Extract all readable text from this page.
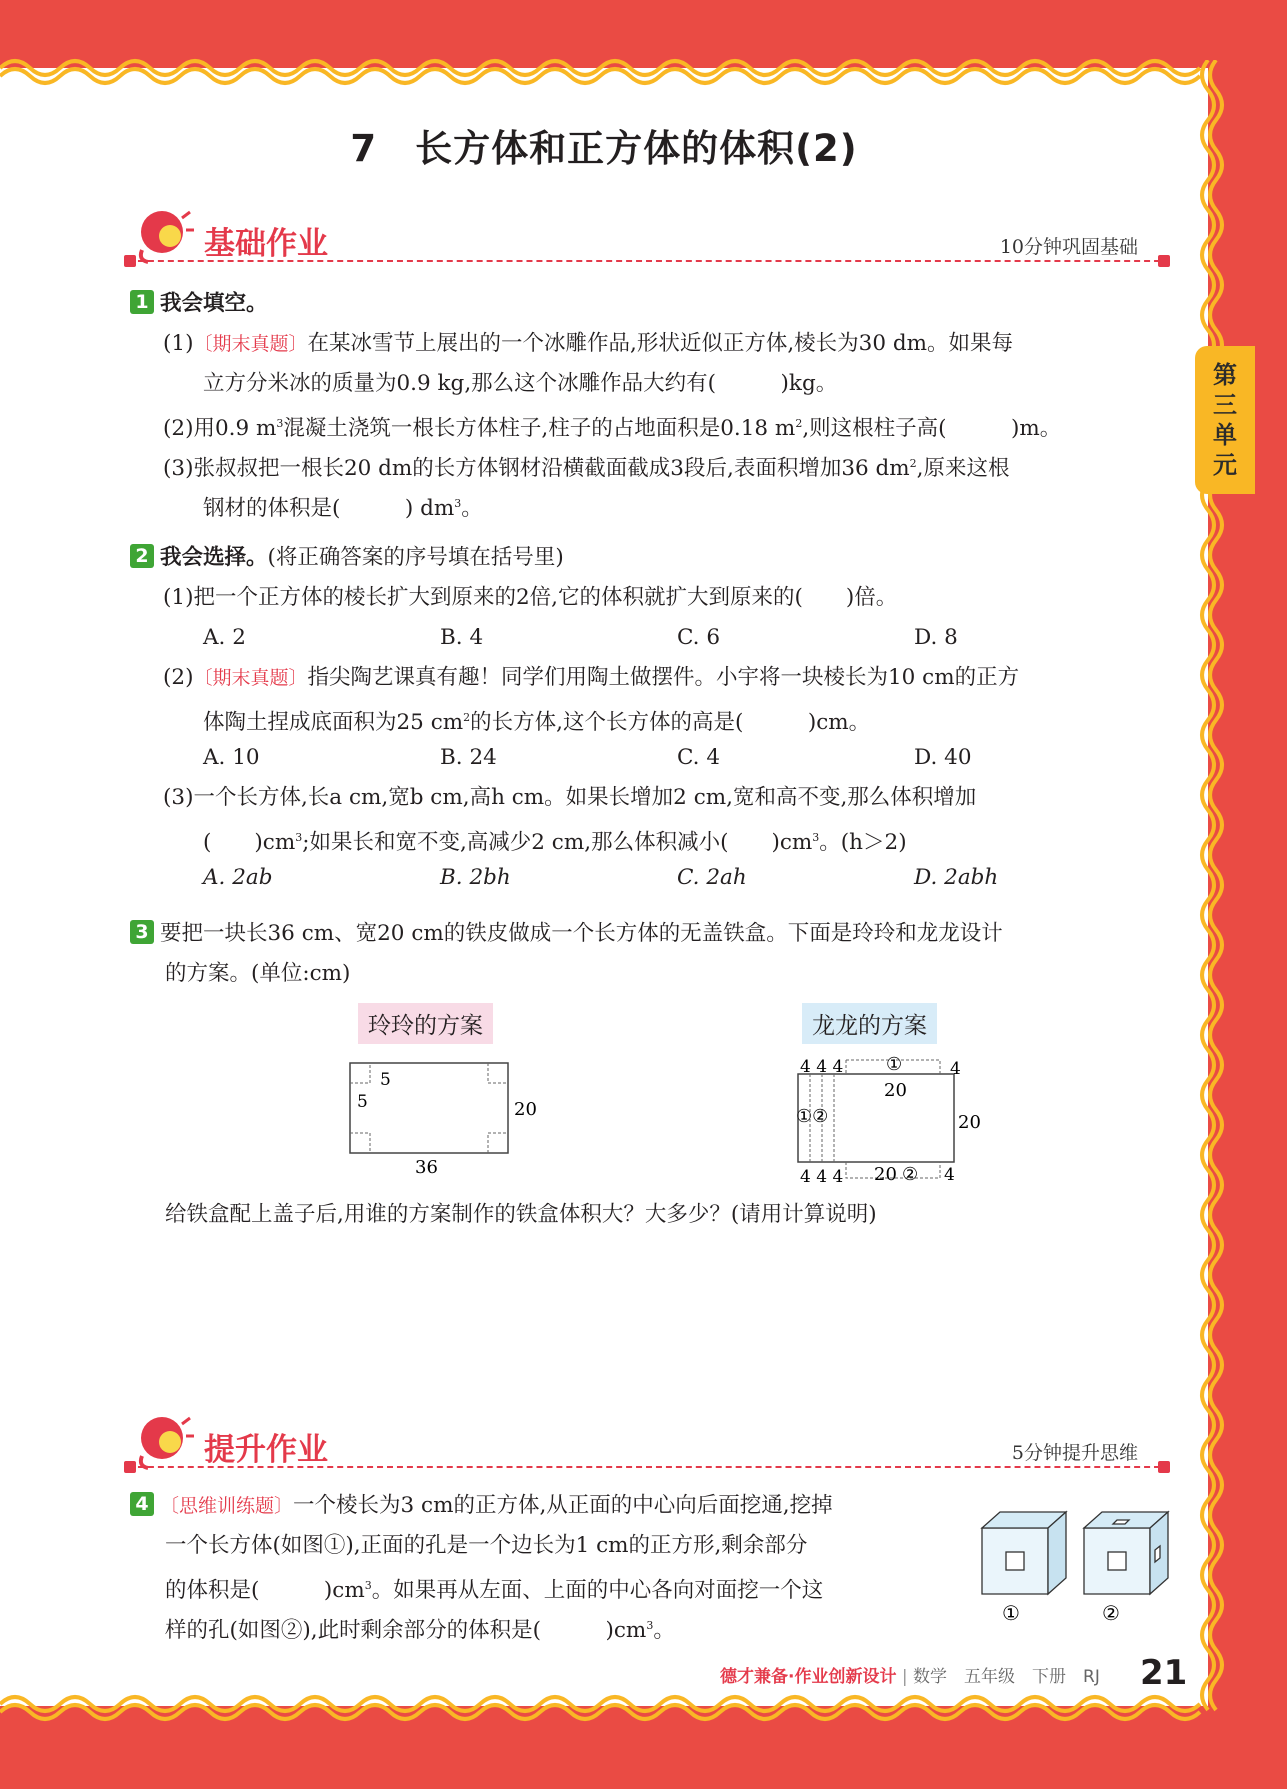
第
三
单
元
7　长方体和正方体的体积(2)
基础作业	10分钟巩固基础
1 我会填空。
(1)〔期末真题〕在某冰雪节上展出的一个冰雕作品,形状近似正方体,棱长为30 dm。如果每
立方分米冰的质量为0.9 kg,那么这个冰雕作品大约有(　　　)kg。
(2)用0.9 $m^3$混凝土浇筑一根长方体柱子,柱子的占地面积是0.18 $m^2$,则这根柱子高(　　　)m。
(3)张叔叔把一根长20 dm的长方体钢材沿横截面截成3段后,表面积增加36 $dm^2$,原来这根
钢材的体积是(　　　) $dm^3$。
2 我会选择。(将正确答案的序号填在括号里)
(1)把一个正方体的棱长扩大到原来的2倍,它的体积就扩大到原来的(　　)倍。
A. 2	B. 4	C. 6	D. 8
(2)〔期末真题〕指尖陶艺课真有趣！同学们用陶土做摆件。小宇将一块棱长为10 cm的正方
体陶土捏成底面积为25 $cm^2$的长方体,这个长方体的高是(　　　)cm。
A. 10	B. 24	C. 4	D. 40
(3)一个长方体,长a cm,宽b cm,高h cm。如果长增加2 cm,宽和高不变,那么体积增加
(　　)$cm^3$;如果长和宽不变,高减少2 cm,那么体积减小(　　)$cm^3$。(h＞2)
A. 2ab	B. 2bh	C. 2ah	D. 2abh
3 要把一块长36 cm、宽20 cm的铁皮做成一个长方体的无盖铁盒。下面是玲玲和龙龙设计
的方案。(单位:cm)
玲玲的方案	龙龙的方案
5
5	20
36
4 4 4 ①
20
4
①②	20
4 4 4 20 ② 4
给铁盒配上盖子后,用谁的方案制作的铁盒体积大？大多少？(请用计算说明)
提升作业	5分钟提升思维
4 〔思维训练题〕一个棱长为3 cm的正方体,从正面的中心向后面挖通,挖掉
一个长方体(如图①),正面的孔是一个边长为1 cm的正方形,剩余部分
的体积是(　　　)$cm^3$。如果再从左面、上面的中心各向对面挖一个这
样的孔(如图②),此时剩余部分的体积是(　　　)$cm^3$。
①	②
德才兼备·作业创新设计 | 数学　五年级　下册　RJ 21
